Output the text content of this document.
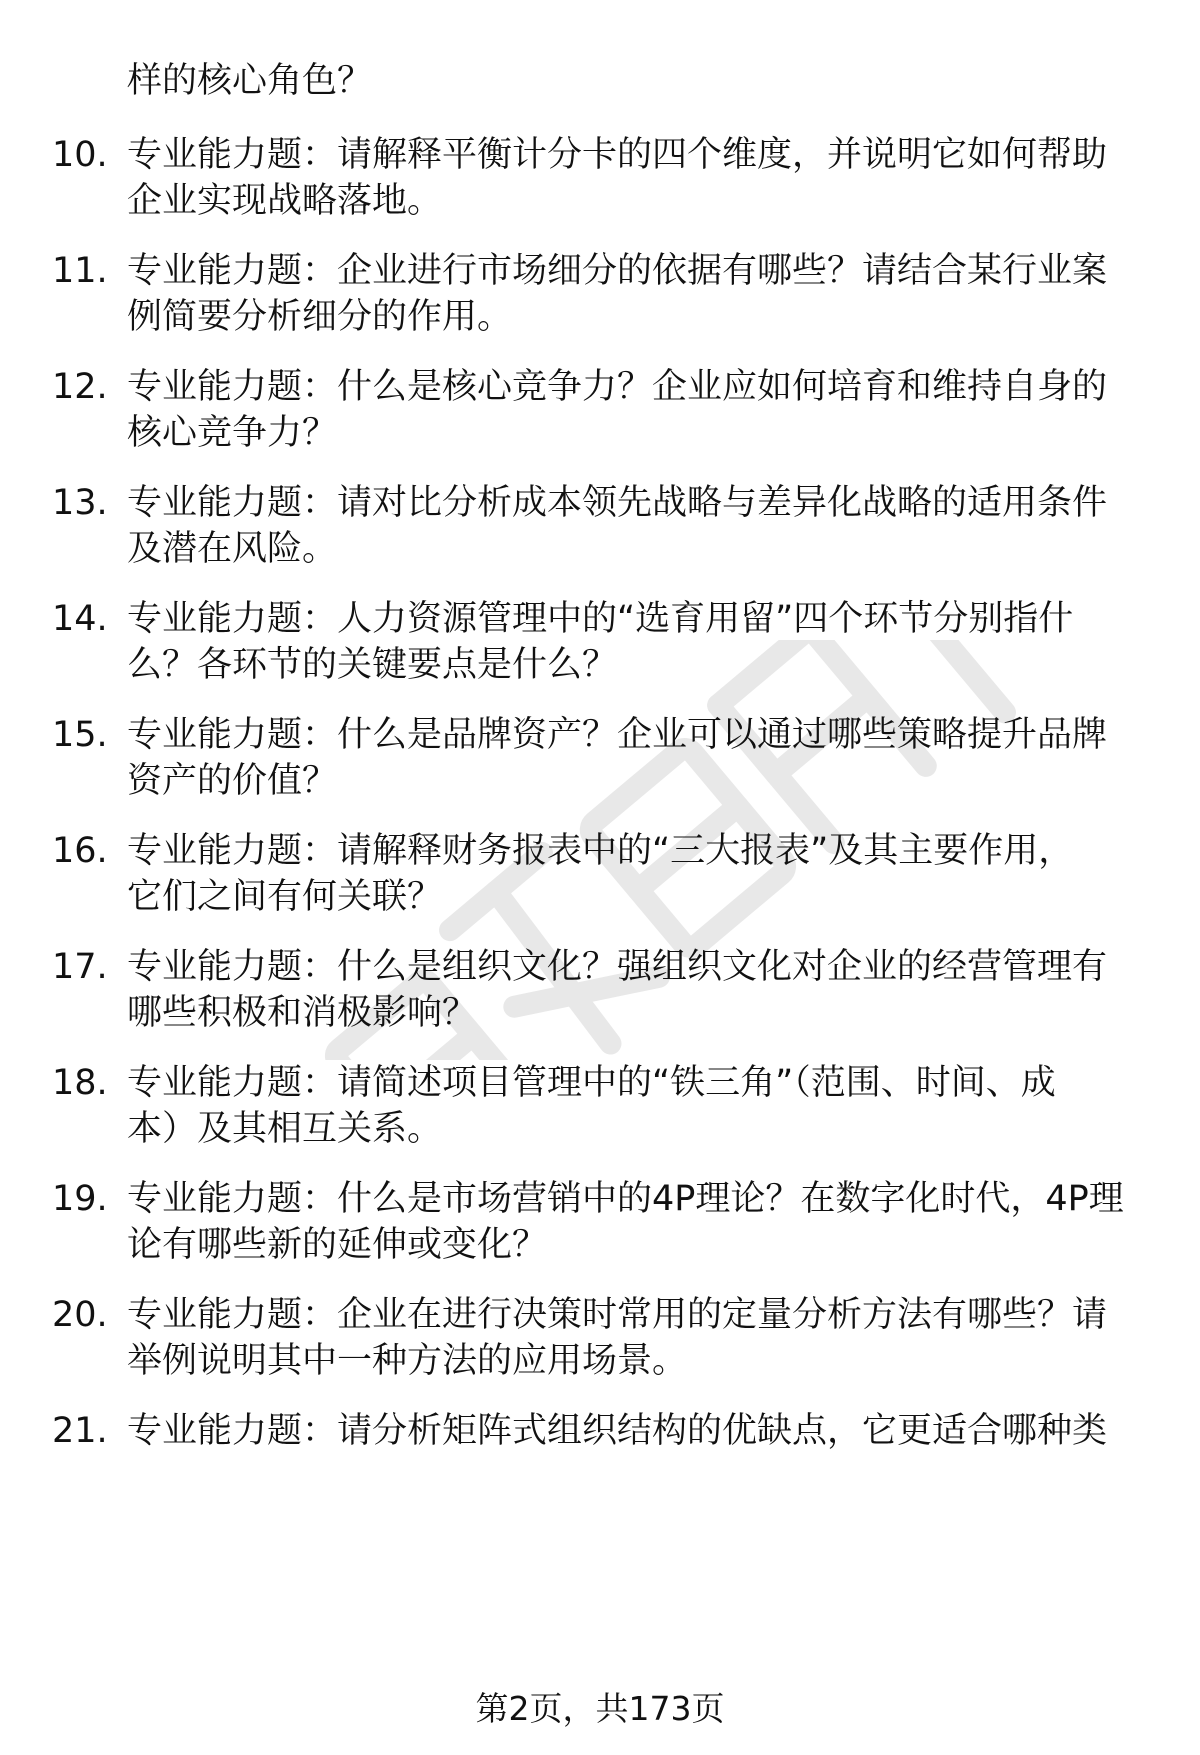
样的核心角色？
10. 专业能力题：请解释平衡计分卡的四个维度，并说明它如何帮助
企业实现战略落地。
11. 专业能力题：企业进行市场细分的依据有哪些？请结合某行业案
例简要分析细分的作用。
12. 专业能力题：什么是核心竞争力？企业应如何培育和维持自身的
核心竞争力？
13. 专业能力题：请对比分析成本领先战略与差异化战略的适用条件
及潜在风险。
14. 专业能力题：人力资源管理中的“选育用留”四个环节分别指什
么？各环节的关键要点是什么？
15. 专业能力题：什么是品牌资产？企业可以通过哪些策略提升品牌
资产的价值？
16. 专业能力题：请解释财务报表中的“三大报表”及其主要作用，
它们之间有何关联？
17. 专业能力题：什么是组织文化？强组织文化对企业的经营管理有
哪些积极和消极影响？
18. 专业能力题：请简述项目管理中的“铁三角”（范围、时间、成
本）及其相互关系。
19. 专业能力题：什么是市场营销中的4P理论？在数字化时代，4P理
论有哪些新的延伸或变化？
20. 专业能力题：企业在进行决策时常用的定量分析方法有哪些？请
举例说明其中一种方法的应用场景。
21. 专业能力题：请分析矩阵式组织结构的优缺点，它更适合哪种类
第2页，共173页
